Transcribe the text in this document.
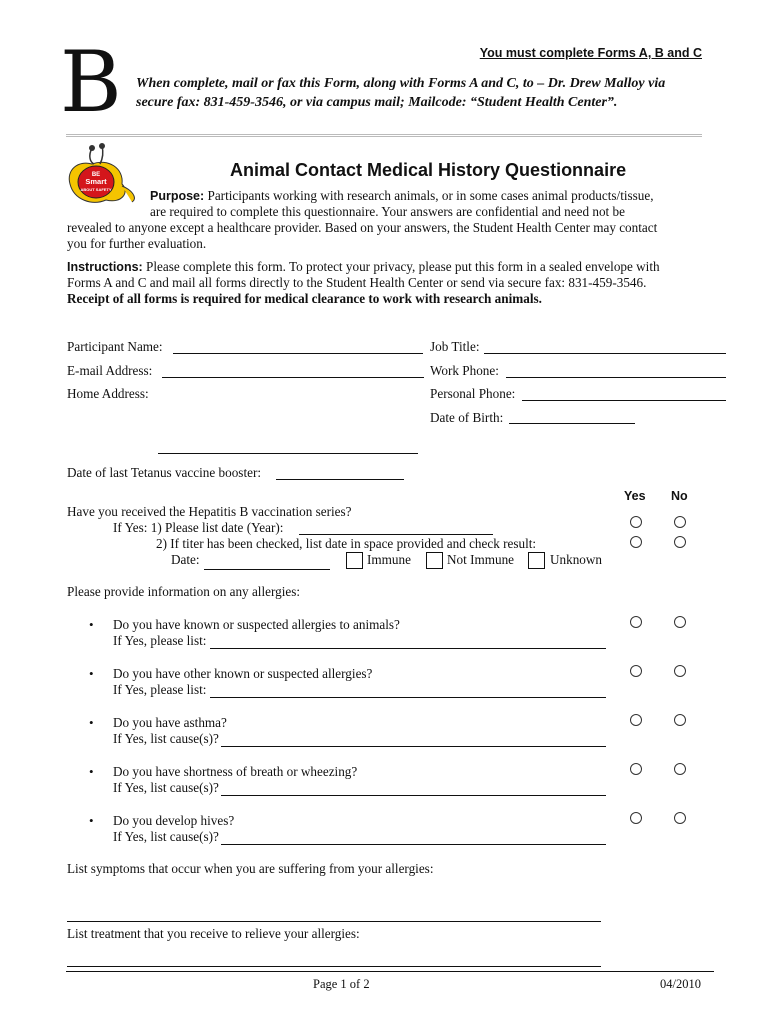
B	You must complete Forms A, B and C
When complete, mail or fax this Form, along with Forms A and C, to – Dr. Drew Malloy via secure fax: 831-459-3546, or via campus mail; Mailcode: “Student Health Center”.
BE
Smart
ABOUT SAFETY
Animal Contact Medical History Questionnaire
Purpose: Participants working with research animals, or in some cases animal products/tissue,
are required to complete this questionnaire. Your answers are confidential and need not be
revealed to anyone except a healthcare provider. Based on your answers, the Student Health Center may contact
you for further evaluation.
Instructions: Please complete this form. To protect your privacy, please put this form in a sealed envelope with
Forms A and C and mail all forms directly to the Student Health Center or send via secure fax: 831-459-3546.
Receipt of all forms is required for medical clearance to work with research animals.
Participant Name:
E-mail Address:
Home Address:
Job Title:
Work Phone:
Personal Phone:
Date of Birth:
Date of last Tetanus vaccine booster:
Yes No
Have you received the Hepatitis B vaccination series?
If Yes: 1) Please list date (Year):
2) If titer has been checked, list date in space provided and check result:
Date:	Immune	Not Immune	Unknown
Please provide information on any allergies:
• Do you have known or suspected allergies to animals?
If Yes, please list:
• Do you have other known or suspected allergies?
If Yes, please list:
• Do you have asthma?
If Yes, list cause(s)?
• Do you have shortness of breath or wheezing?
If Yes, list cause(s)?
• Do you develop hives?
If Yes, list cause(s)?
List symptoms that occur when you are suffering from your allergies:
List treatment that you receive to relieve your allergies:
Page 1 of 2	04/2010
